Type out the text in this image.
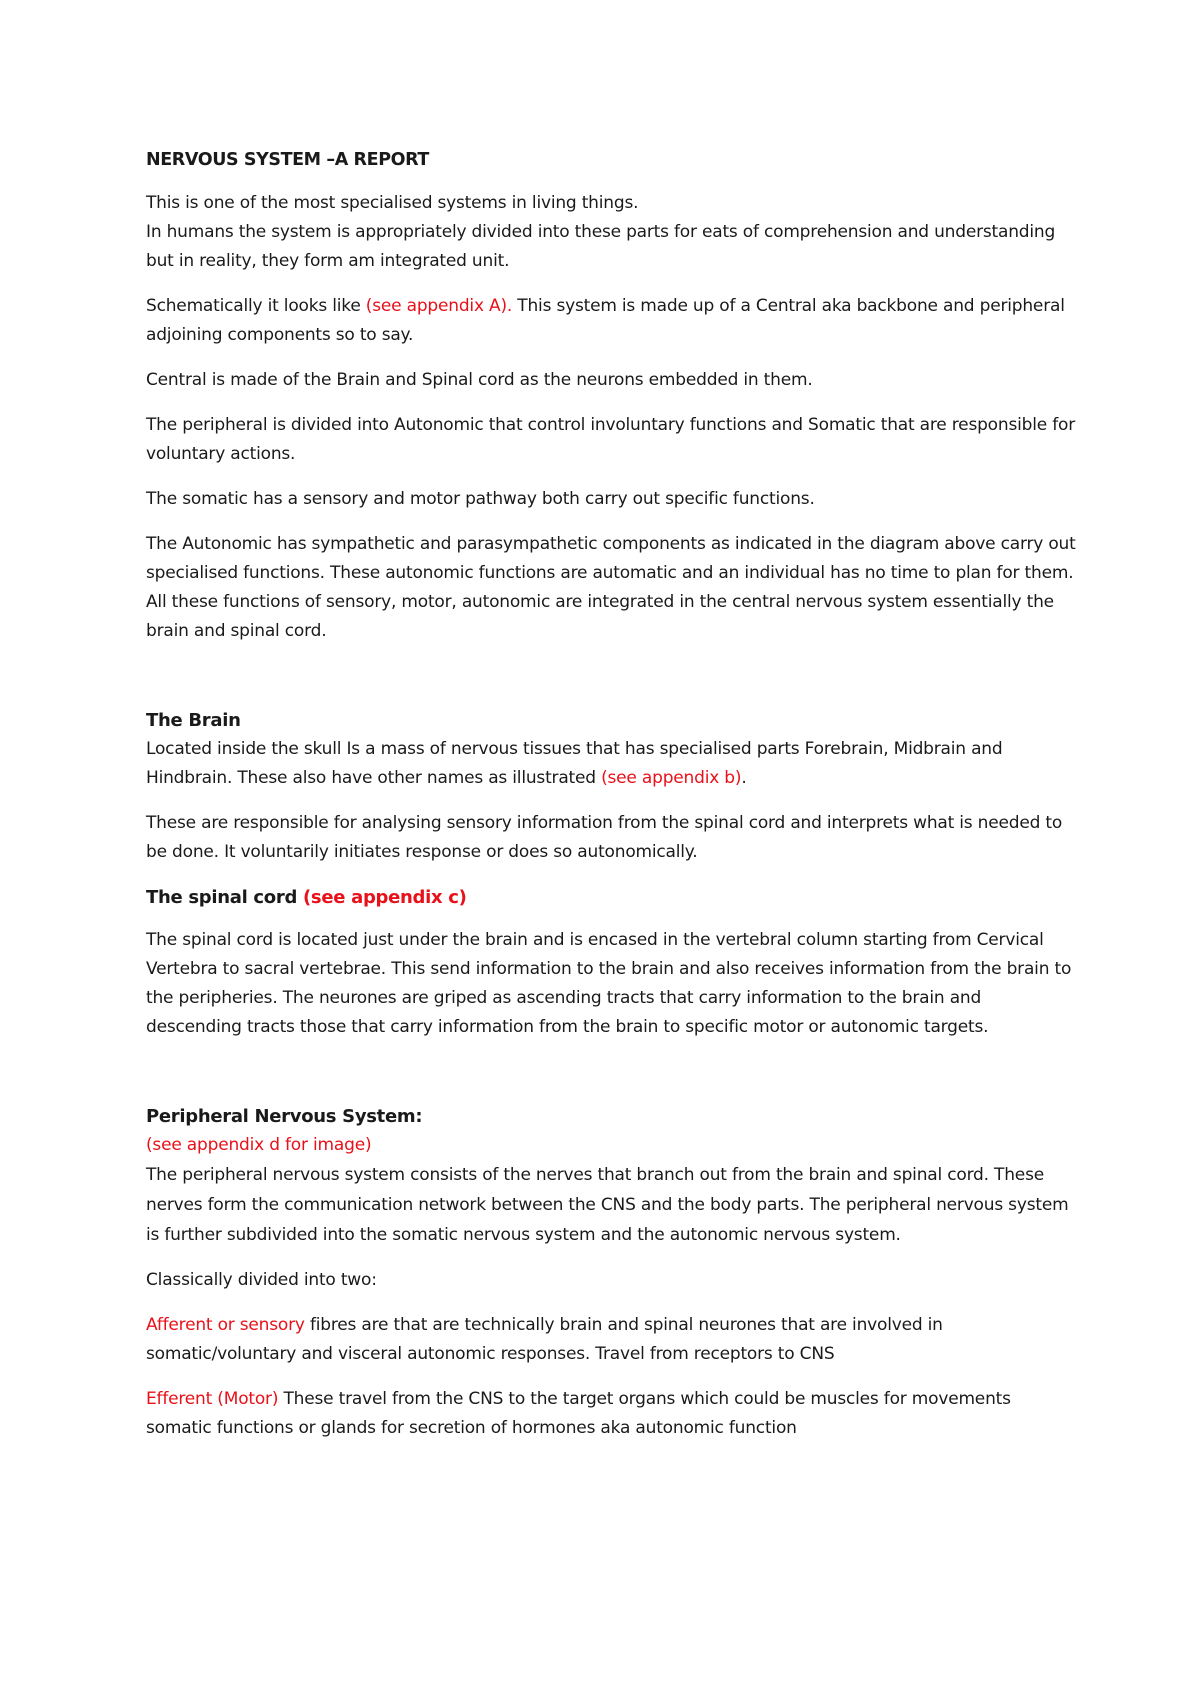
NERVOUS SYSTEM –A REPORT

This is one of the most specialised systems in living things.
In humans the system is appropriately divided into these parts for eats of comprehension and understanding but in reality, they form am integrated unit.

Schematically it looks like (see appendix A). This system is made up of a Central aka backbone and peripheral adjoining components so to say.

Central is made of the Brain and Spinal cord as the neurons embedded in them.

The peripheral is divided into Autonomic that control involuntary functions and Somatic that are responsible for voluntary actions.

The somatic has a sensory and motor pathway both carry out specific functions.

The Autonomic has sympathetic and parasympathetic components as indicated in the diagram above carry out specialised functions. These autonomic functions are automatic and an individual has no time to plan for them. All these functions of sensory, motor, autonomic are integrated in the central nervous system essentially the brain and spinal cord.

The Brain

Located inside the skull Is a mass of nervous tissues that has specialised parts Forebrain, Midbrain and Hindbrain. These also have other names as illustrated (see appendix b).

These are responsible for analysing sensory information from the spinal cord and interprets what is needed to be done. It voluntarily initiates response or does so autonomically.

The spinal cord (see appendix c)

The spinal cord is located just under the brain and is encased in the vertebral column starting from Cervical Vertebra to sacral vertebrae. This send information to the brain and also receives information from the brain to the peripheries. The neurones are griped as ascending tracts that carry information to the brain and descending tracts those that carry information from the brain to specific motor or autonomic targets.

Peripheral Nervous System:
(see appendix d for image)

The peripheral nervous system consists of the nerves that branch out from the brain and spinal cord. These nerves form the communication network between the CNS and the body parts. The peripheral nervous system is further subdivided into the somatic nervous system and the autonomic nervous system.

Classically divided into two:

Afferent or sensory fibres are that are technically brain and spinal neurones that are involved in somatic/voluntary and visceral autonomic responses. Travel from receptors to CNS

Efferent (Motor) These travel from the CNS to the target organs which could be muscles for movements somatic functions or glands for secretion of hormones aka autonomic function
